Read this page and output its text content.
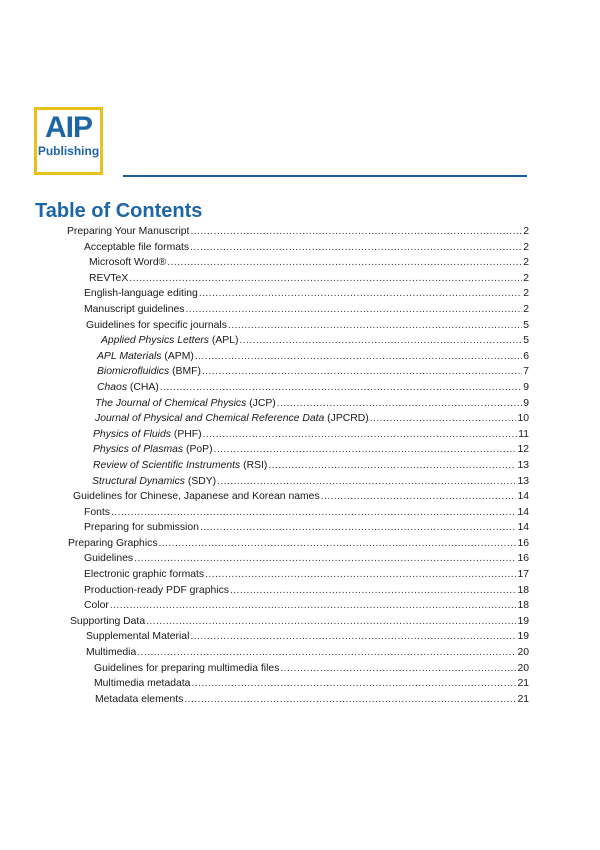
AIP
Publishing
Table of Contents
Preparing Your Manuscript .....	2
Acceptable file formats .....	2
Microsoft Word® .....	2
REVTeX .....	2
English-language editing .....	2
Manuscript guidelines .....	2
Guidelines for specific journals .....	5
Applied Physics Letters (APL) .....	5
APL Materials (APM) .....	6
Biomicrofluidics (BMF) .....	7
Chaos (CHA) .....	9
The Journal of Chemical Physics (JCP) .....	9
Journal of Physical and Chemical Reference Data (JPCRD) .....	10
Physics of Fluids (PHF) .....	11
Physics of Plasmas (PoP) .....	12
Review of Scientific Instruments (RSI) .....	13
Structural Dynamics (SDY) .....	13
Guidelines for Chinese, Japanese and Korean names .....	14
Fonts .....	14
Preparing for submission .....	14
Preparing Graphics .....	16
Guidelines .....	16
Electronic graphic formats .....	17
Production-ready PDF graphics .....	18
Color .....	18
Supporting Data .....	19
Supplemental Material .....	19
Multimedia .....	20
Guidelines for preparing multimedia files .....	20
Multimedia metadata .....	21
Metadata elements .....	21
